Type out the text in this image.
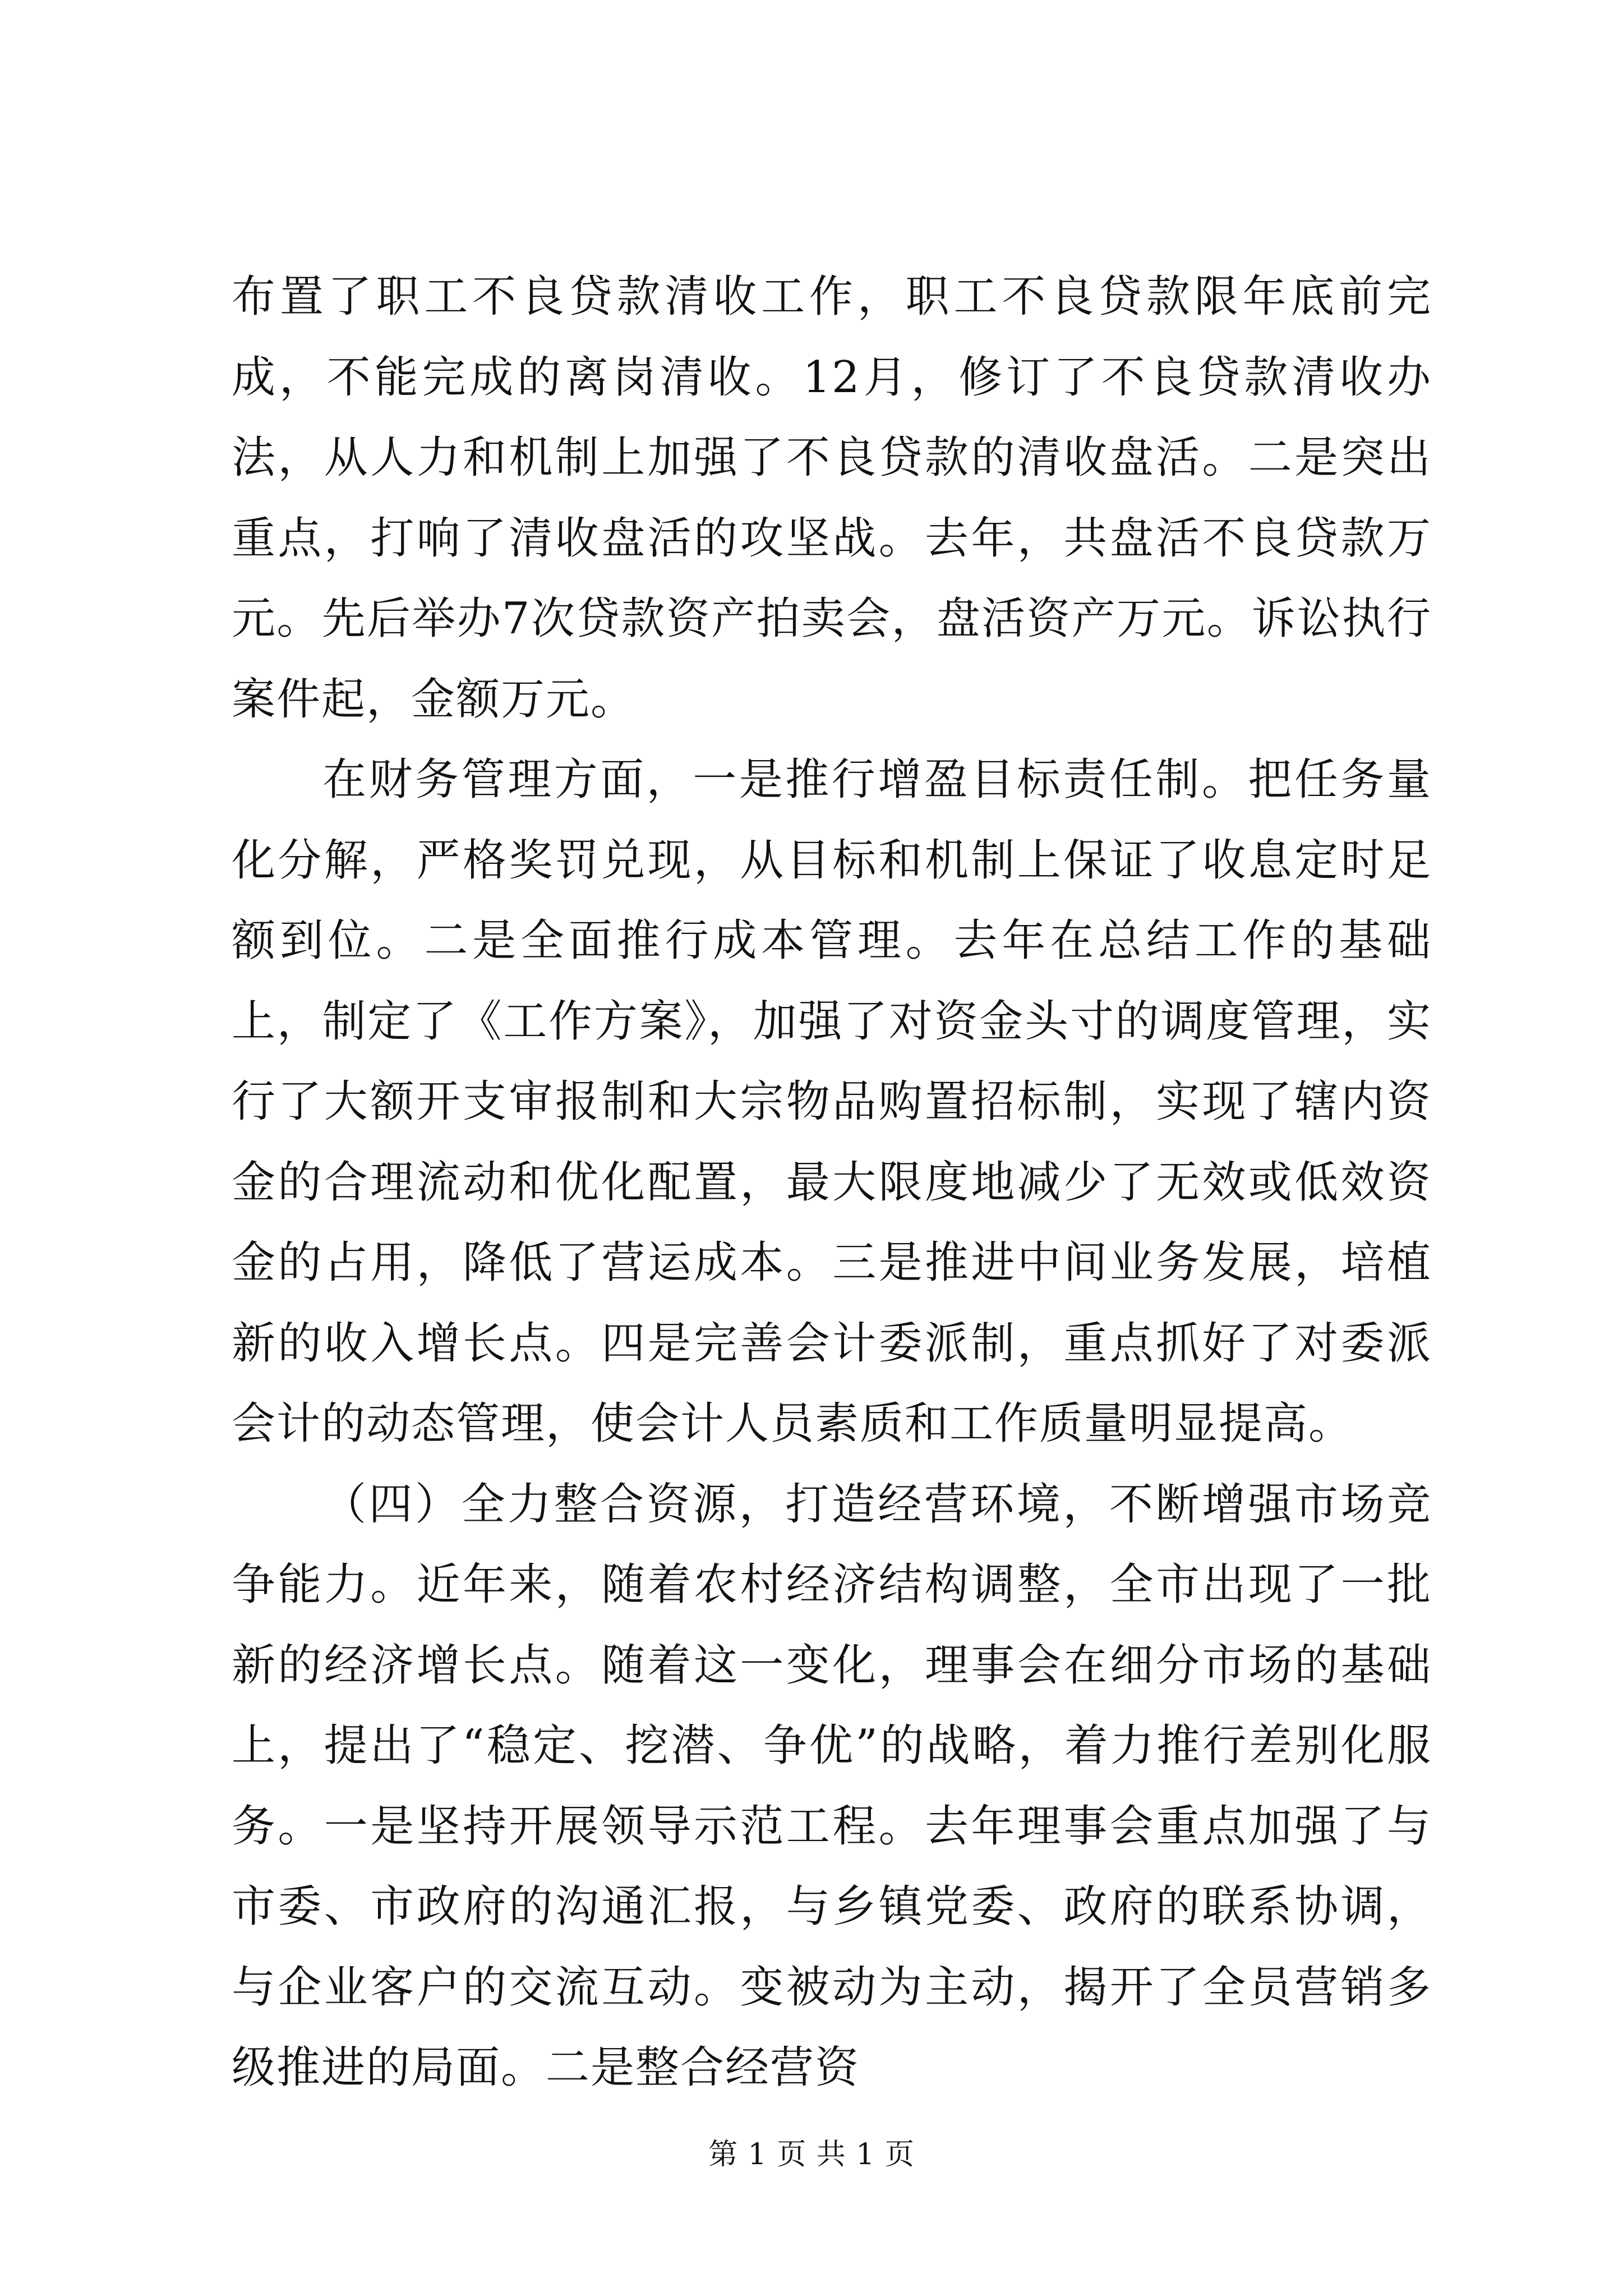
布置了职工不良贷款清收工作，职工不良贷款限年底前完成，不能完成的离岗清收。12月，修订了不良贷款清收办法，从人力和机制上加强了不良贷款的清收盘活。二是突出重点，打响了清收盘活的攻坚战。去年，共盘活不良贷款万元。先后举办7次贷款资产拍卖会，盘活资产万元。诉讼执行案件起，金额万元。

在财务管理方面，一是推行增盈目标责任制。把任务量化分解，严格奖罚兑现，从目标和机制上保证了收息定时足额到位。二是全面推行成本管理。去年在总结工作的基础上，制定了《工作方案》，加强了对资金头寸的调度管理，实行了大额开支审报制和大宗物品购置招标制，实现了辖内资金的合理流动和优化配置，最大限度地减少了无效或低效资金的占用，降低了营运成本。三是推进中间业务发展，培植新的收入增长点。四是完善会计委派制，重点抓好了对委派会计的动态管理，使会计人员素质和工作质量明显提高。

（四）全力整合资源，打造经营环境，不断增强市场竞争能力。近年来，随着农村经济结构调整，全市出现了一批新的经济增长点。随着这一变化，理事会在细分市场的基础上，提出了“稳定、挖潜、争优”的战略，着力推行差别化服务。一是坚持开展领导示范工程。去年理事会重点加强了与市委、市政府的沟通汇报，与乡镇党委、政府的联系协调，与企业客户的交流互动。变被动为主动，揭开了全员营销多级推进的局面。二是整合经营资

第 1 页 共 1 页
